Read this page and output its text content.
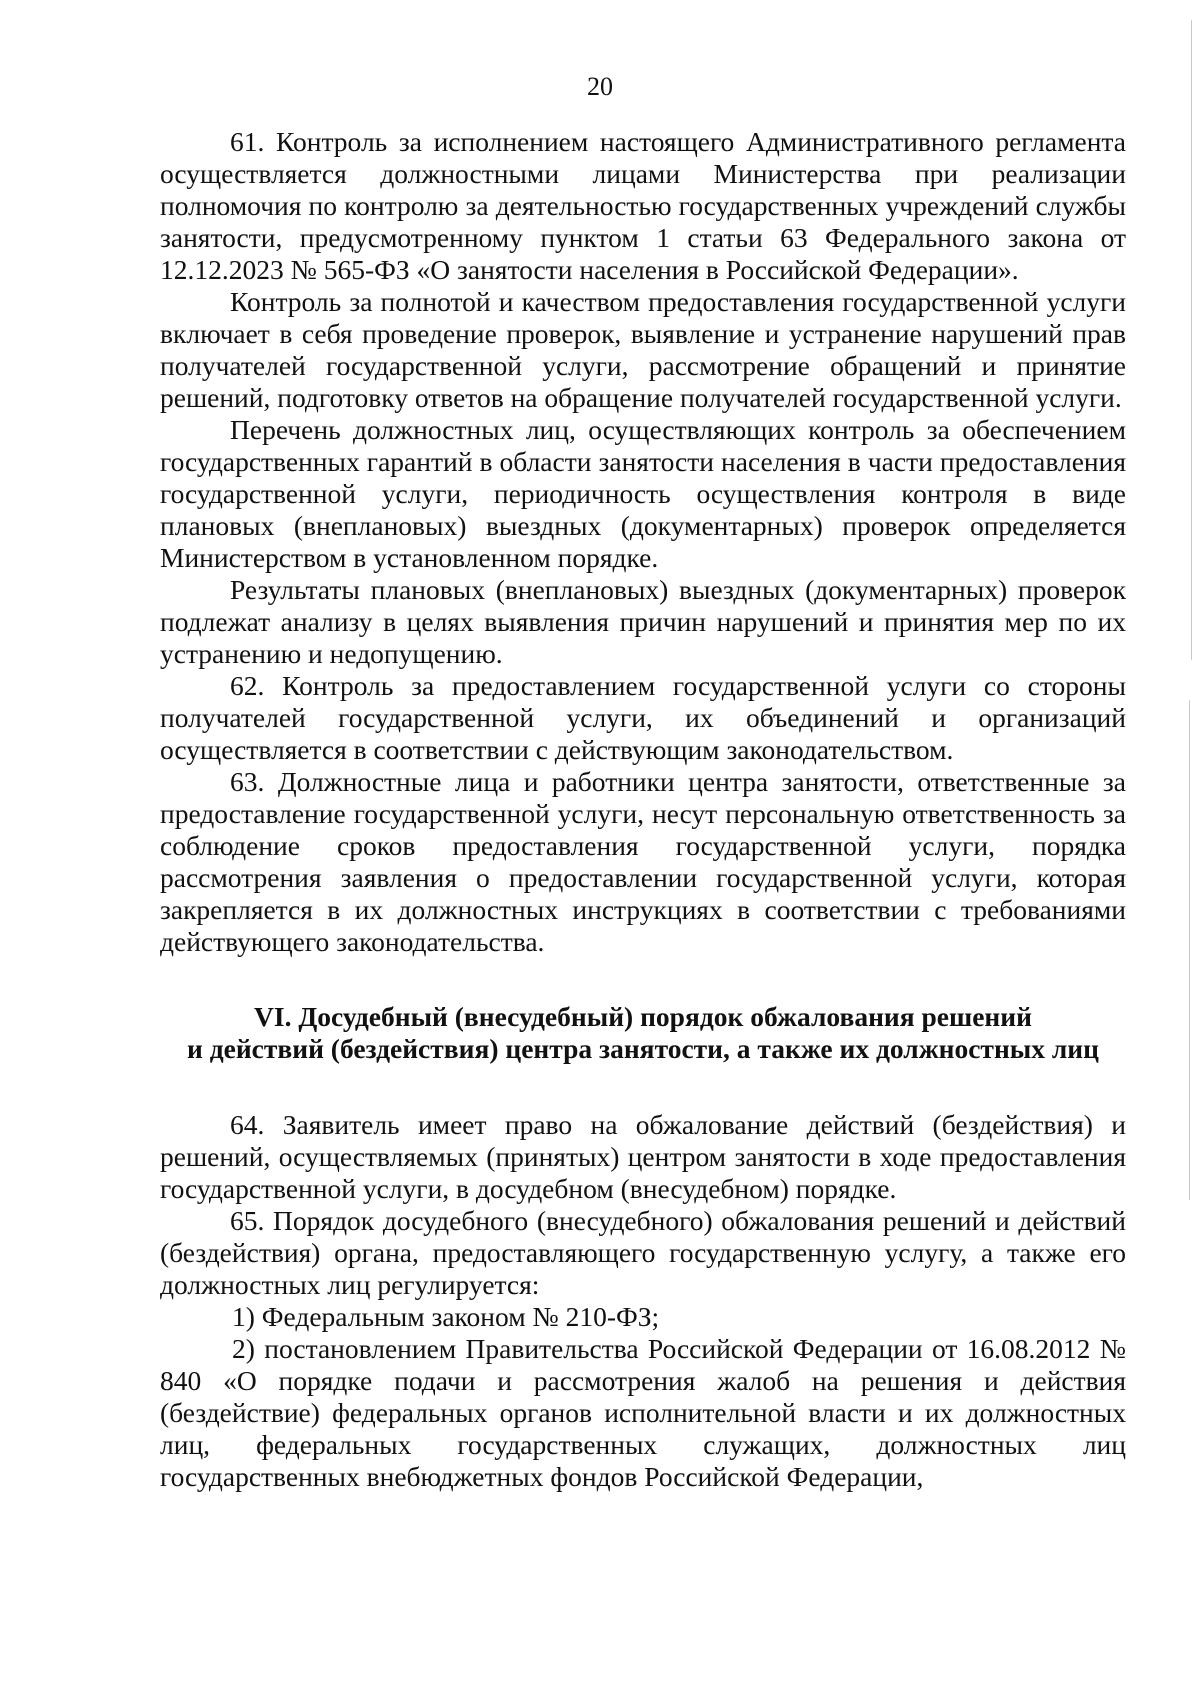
20

61. Контроль за исполнением настоящего Административного регламента осуществляется должностными лицами Министерства при реализации полномочия по контролю за деятельностью государственных учреждений службы занятости, предусмотренному пунктом 1 статьи 63 Федерального закона от 12.12.2023 № 565-ФЗ «О занятости населения в Российской Федерации».

Контроль за полнотой и качеством предоставления государственной услуги включает в себя проведение проверок, выявление и устранение нарушений прав получателей государственной услуги, рассмотрение обращений и принятие решений, подготовку ответов на обращение получателей государственной услуги.

Перечень должностных лиц, осуществляющих контроль за обеспечением государственных гарантий в области занятости населения в части предоставления государственной услуги, периодичность осуществления контроля в виде плановых (внеплановых) выездных (документарных) проверок определяется Министерством в установленном порядке.

Результаты плановых (внеплановых) выездных (документарных) проверок подлежат анализу в целях выявления причин нарушений и принятия мер по их устранению и недопущению.

62. Контроль за предоставлением государственной услуги со стороны получателей государственной услуги, их объединений и организаций осуществляется в соответствии с действующим законодательством.

63. Должностные лица и работники центра занятости, ответственные за предоставление государственной услуги, несут персональную ответственность за соблюдение сроков предоставления государственной услуги, порядка рассмотрения заявления о предоставлении государственной услуги, которая закрепляется в их должностных инструкциях в соответствии с требованиями действующего законодательства.

VI. Досудебный (внесудебный) порядок обжалования решений
и действий (бездействия) центра занятости, а также их должностных лиц

64. Заявитель имеет право на обжалование действий (бездействия) и решений, осуществляемых (принятых) центром занятости в ходе предоставления государственной услуги, в досудебном (внесудебном) порядке.

65. Порядок досудебного (внесудебного) обжалования решений и действий (бездействия) органа, предоставляющего государственную услугу, а также его должностных лиц регулируется:

1) Федеральным законом № 210-ФЗ;

2) постановлением Правительства Российской Федерации от 16.08.2012 № 840 «О порядке подачи и рассмотрения жалоб на решения и действия (бездействие) федеральных органов исполнительной власти и их должностных лиц, федеральных государственных служащих, должностных лиц государственных внебюджетных фондов Российской Федерации,
